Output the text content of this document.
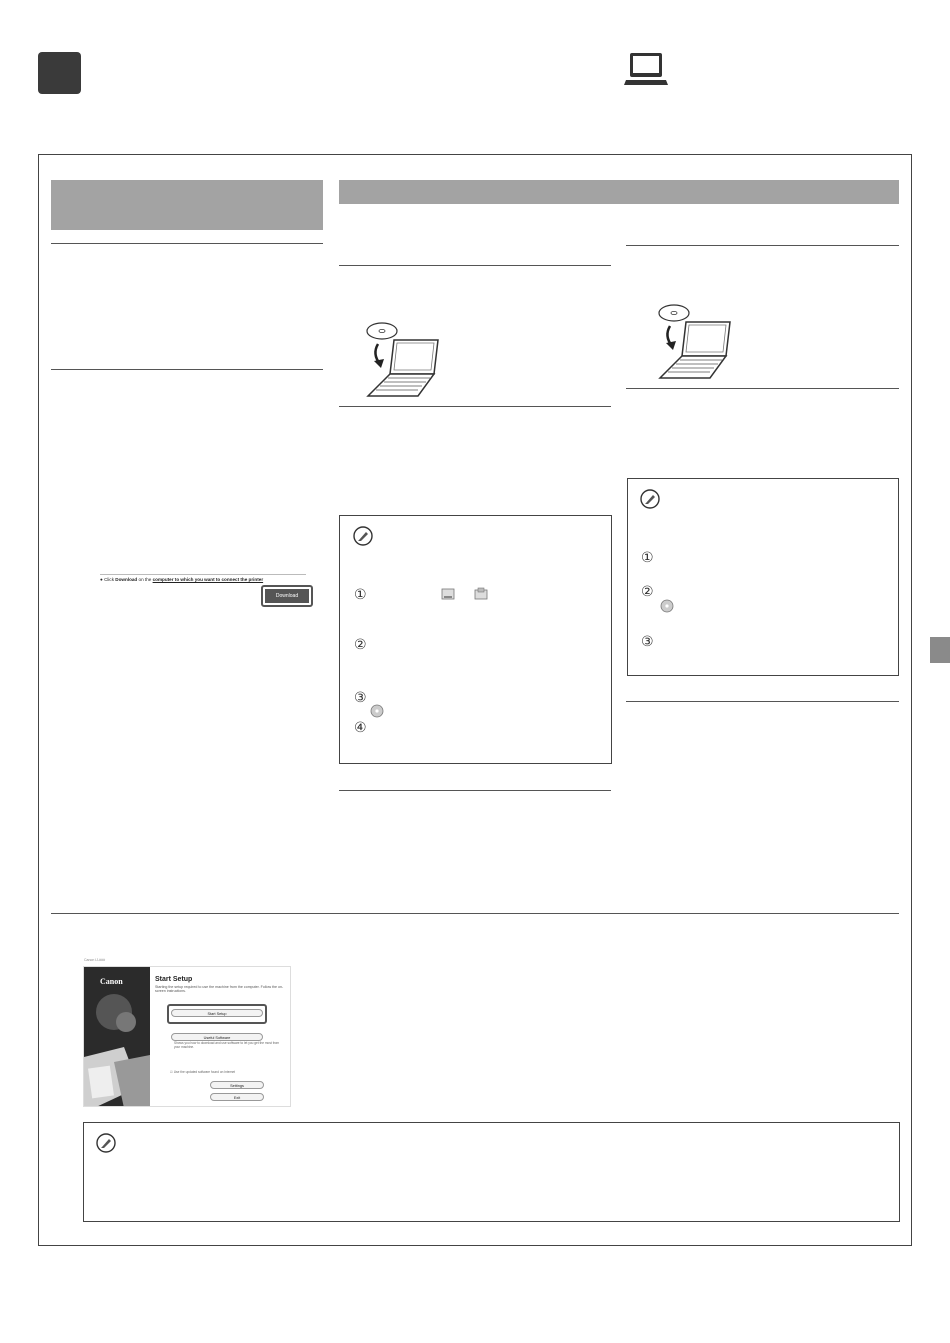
● Click Download on the computer to which you want to connect the printer
Download	①
②
③
④
①
②
③
Canon IJ-###
Canon	Start Setup
Starting the setup required to use the machine from the computer. Follow the on-screen instructions.
Start Setup
Useful Software
Shows you how to download and use software to let you get the most from your machine.
☑ Use the updated software found on Internet
Settings
Exit
